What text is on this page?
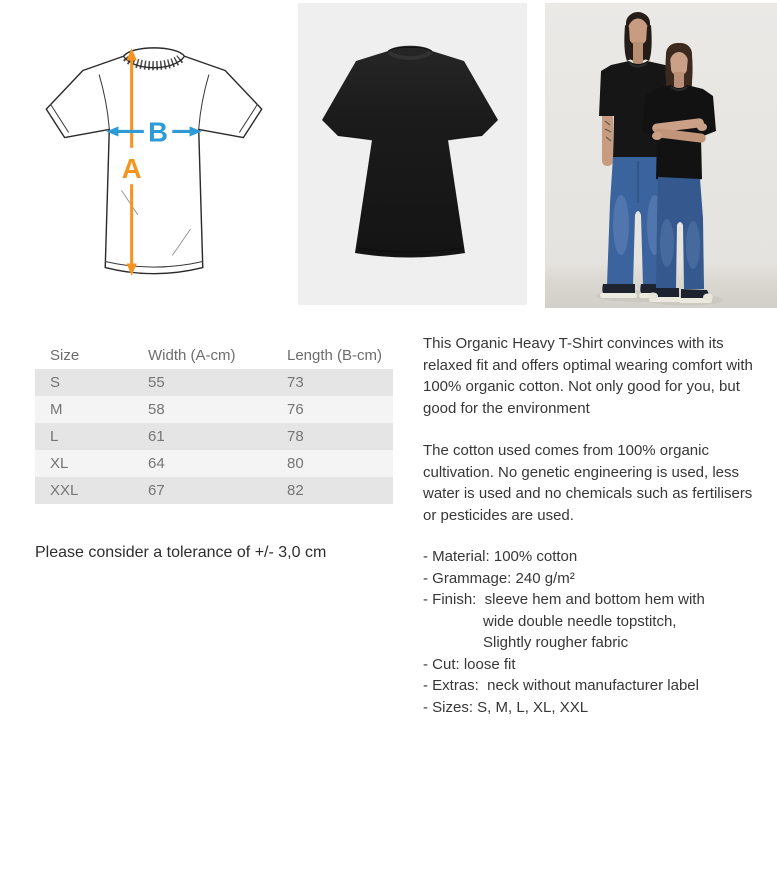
A
B
Size	Width (A-cm)	Length (B-cm)
S	55	73
M	58	76
L	61	78
XL	64	80
XXL	67	82
Please consider a tolerance of +/- 3,0 cm

This Organic Heavy T-Shirt convinces with its relaxed fit and offers optimal wearing comfort with 100% organic cotton. Not only good for you, but good for the environment

The cotton used comes from 100% organic cultivation. No genetic engineering is used, less water is used and no chemicals such as fertilisers or pesticides are used.

- Material: 100% cotton
- Grammage: 240 g/m²
- Finish:  sleeve hem and bottom hem with
wide double needle topstitch,
Slightly rougher fabric
- Cut: loose fit
- Extras:  neck without manufacturer label
- Sizes: S, M, L, XL, XXL
